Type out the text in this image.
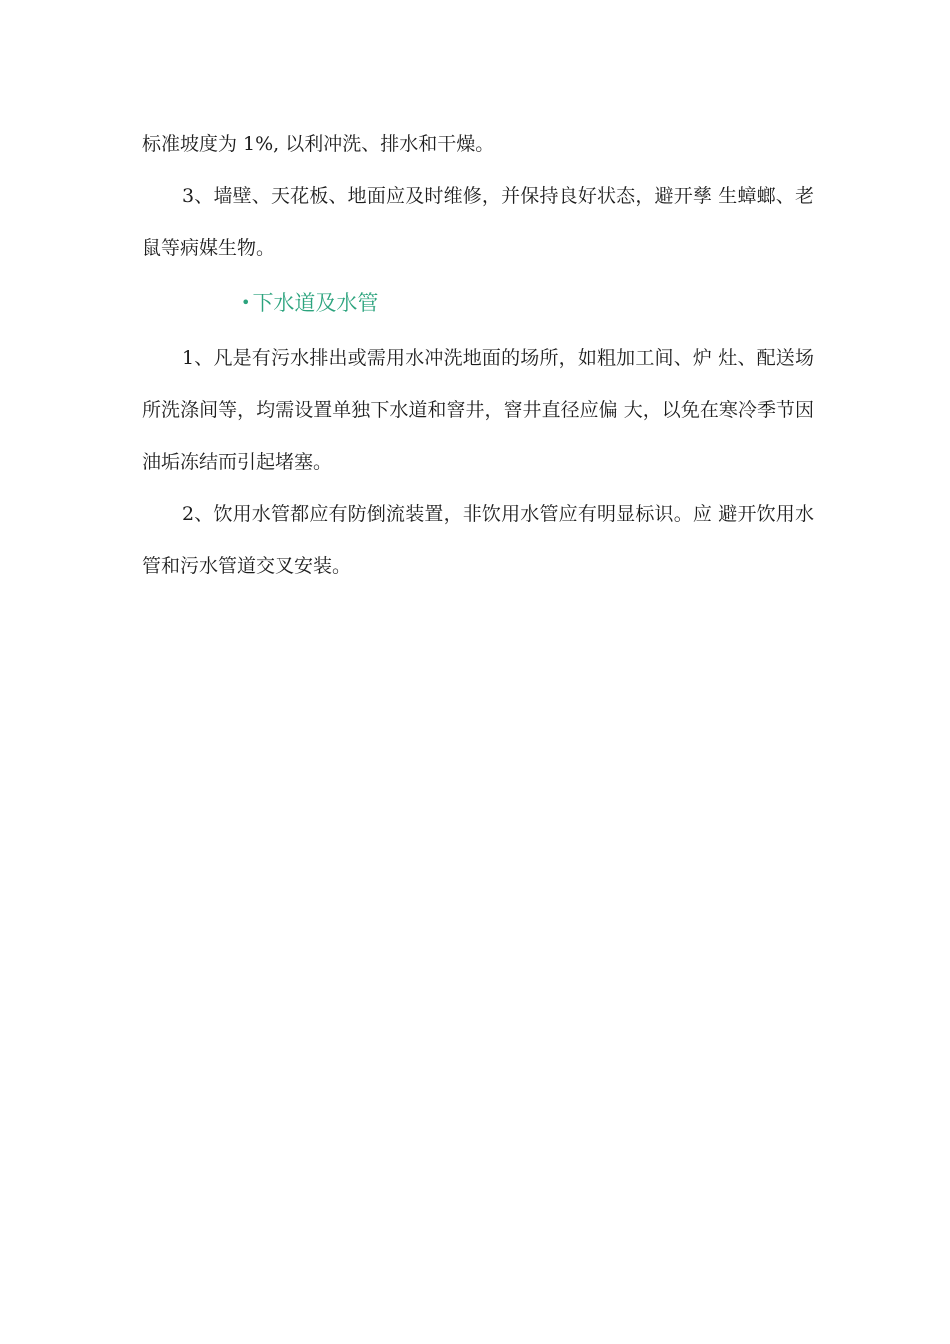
标准坡度为 1%, 以利冲洗、排水和干燥。

3、墙壁、天花板、地面应及时维修，并保持良好状态，避开孳 生蟑螂、老鼠等病媒生物。

•下水道及水管

1、凡是有污水排出或需用水冲洗地面的场所，如粗加工间、炉 灶、配送场所洗涤间等，均需设置单独下水道和窨井，窨井直径应偏 大，以免在寒冷季节因油垢冻结而引起堵塞。

2、饮用水管都应有防倒流装置，非饮用水管应有明显标识。应 避开饮用水管和污水管道交叉安装。
